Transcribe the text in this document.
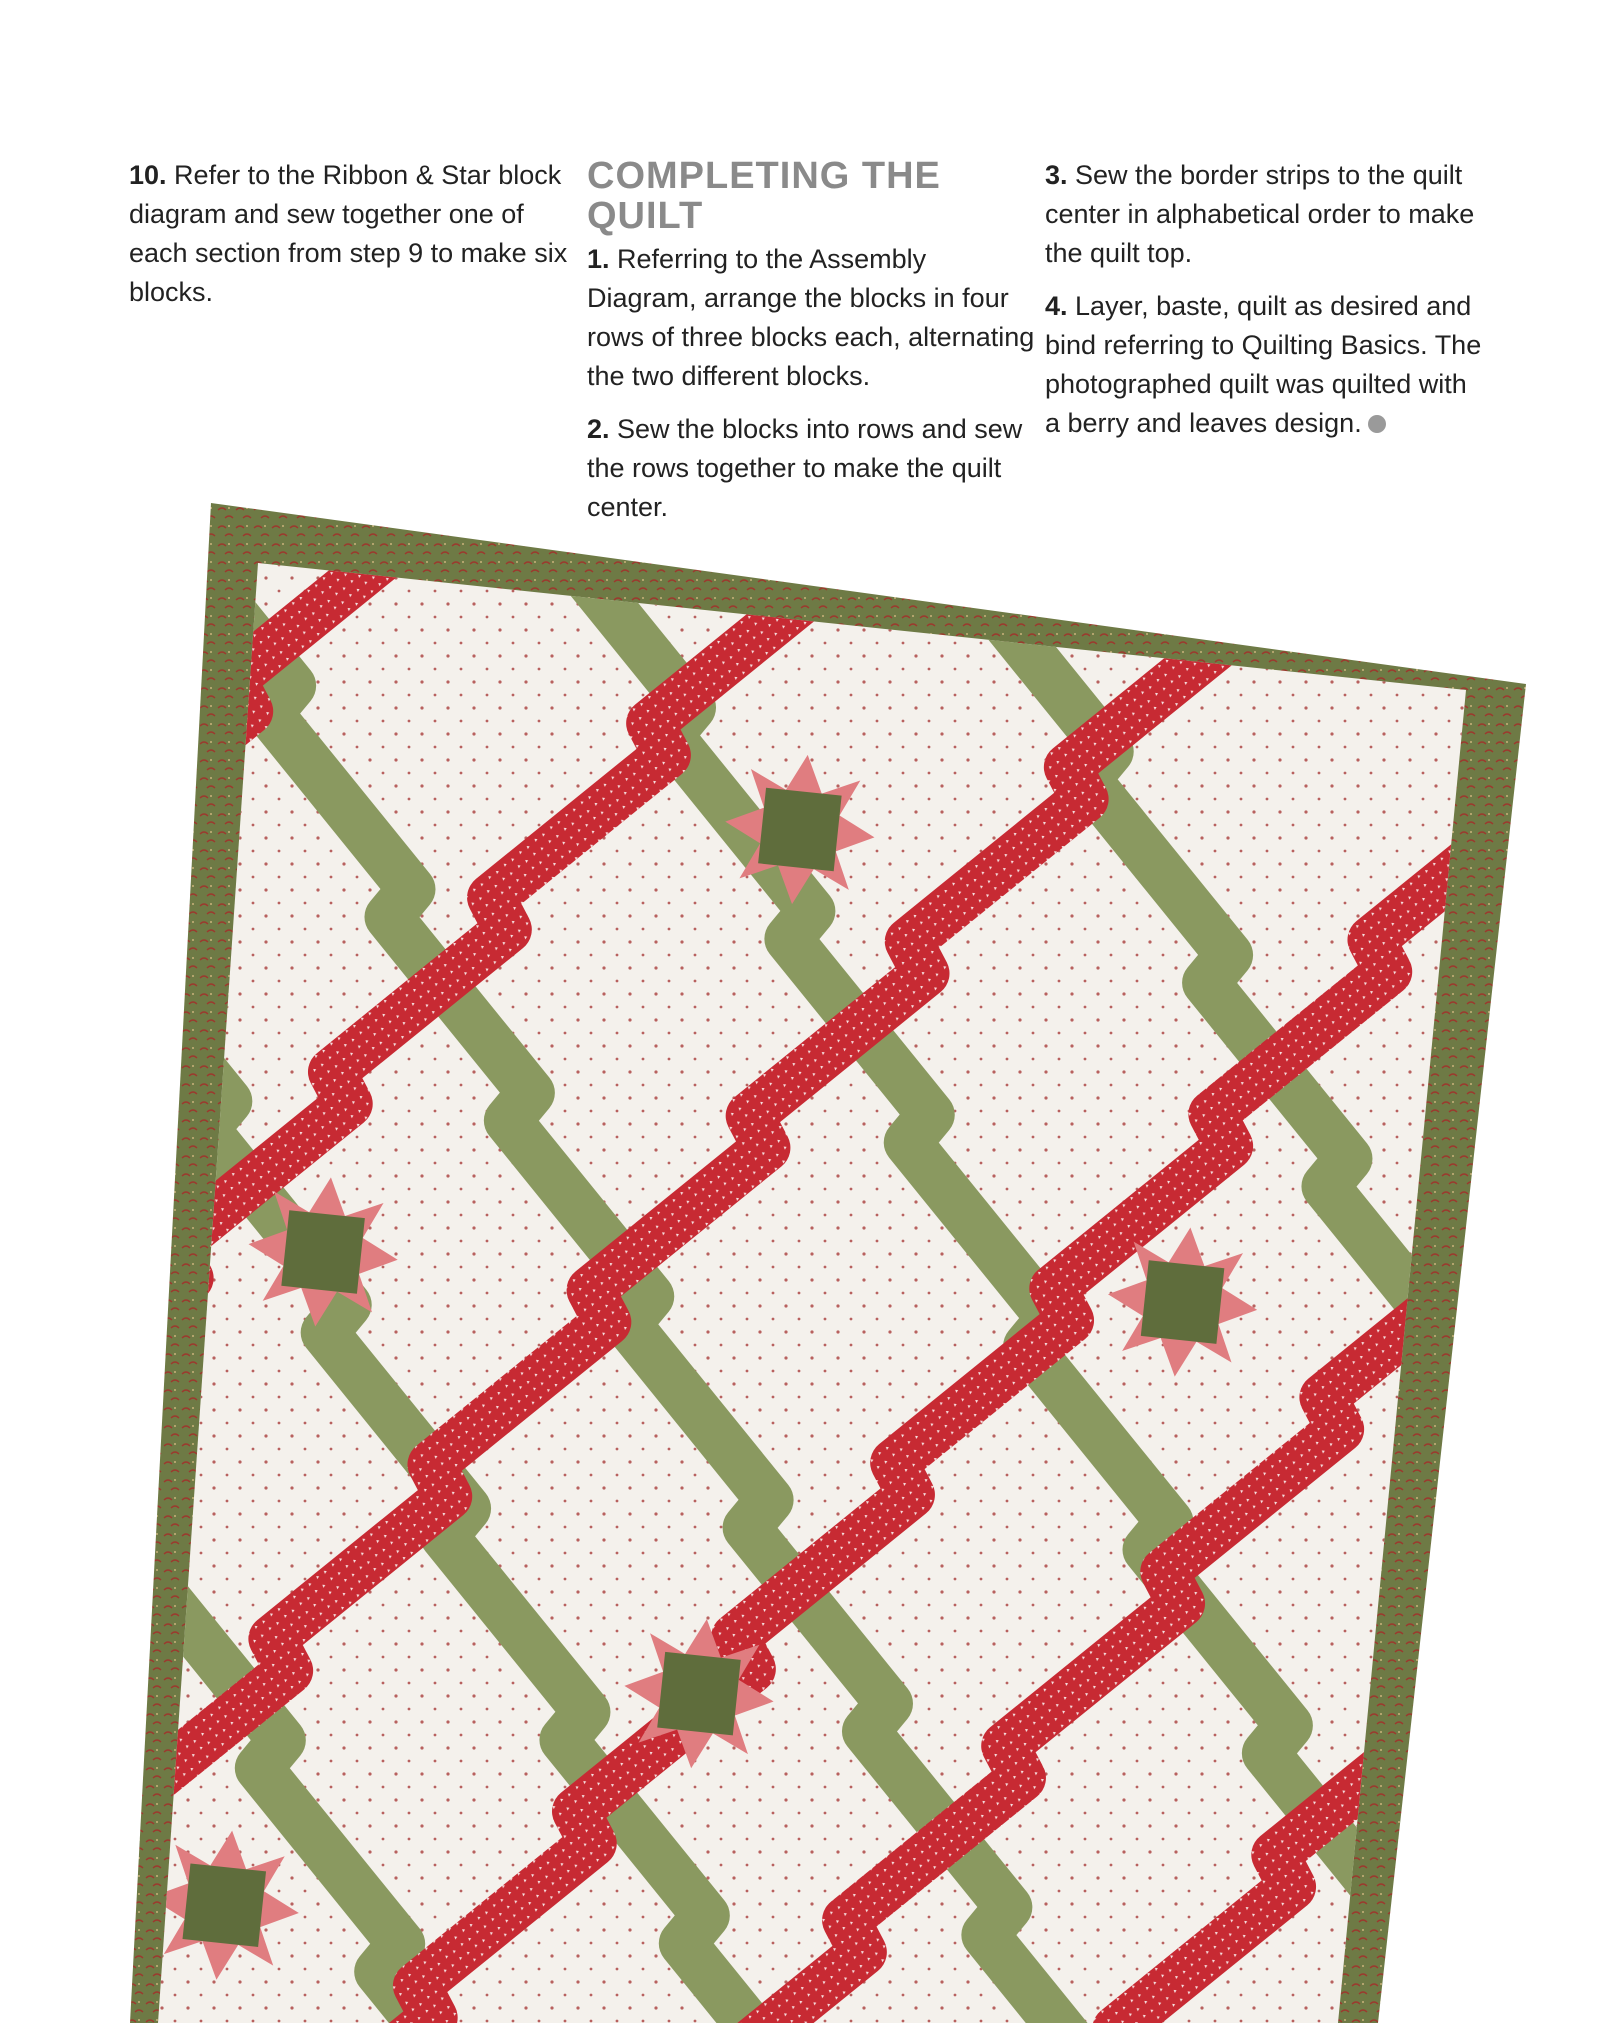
10. Refer to the Ribbon & Star block diagram and sew together one of each section from step 9 to make six blocks.

COMPLETING THE QUILT

1. Referring to the Assembly Diagram, arrange the blocks in four rows of three blocks each, alternating the two different blocks.

2. Sew the blocks into rows and sew the rows together to make the quilt center.

3. Sew the border strips to the quilt center in alphabetical order to make the quilt top.

4. Layer, baste, quilt as desired and bind referring to Quilting Basics. The photographed quilt was quilted with a berry and leaves design.
